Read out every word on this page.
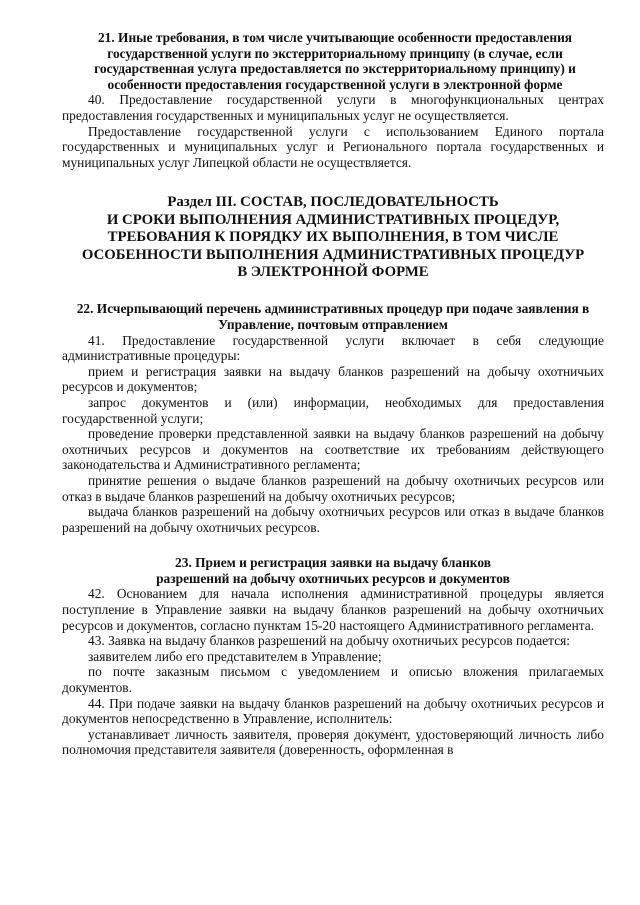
21. Иные требования, в том числе учитывающие особенности предоставления государственной услуги по экстерриториальному принципу (в случае, если государственная услуга предоставляется по экстерриториальному принципу) и особенности предоставления государственной услуги в электронной форме

40. Предоставление государственной услуги в многофункциональных центрах предоставления государственных и муниципальных услуг не осуществляется.

Предоставление государственной услуги с использованием Единого портала государственных и муниципальных услуг и Регионального портала государственных и муниципальных услуг Липецкой области не осуществляется.

Раздел III. СОСТАВ, ПОСЛЕДОВАТЕЛЬНОСТЬ
И СРОКИ ВЫПОЛНЕНИЯ АДМИНИСТРАТИВНЫХ ПРОЦЕДУР,
ТРЕБОВАНИЯ К ПОРЯДКУ ИХ ВЫПОЛНЕНИЯ, В ТОМ ЧИСЛЕ
ОСОБЕННОСТИ ВЫПОЛНЕНИЯ АДМИНИСТРАТИВНЫХ ПРОЦЕДУР
В ЭЛЕКТРОННОЙ ФОРМЕ
22. Исчерпывающий перечень административных процедур при подаче заявления в Управление, почтовым отправлением

41. Предоставление государственной услуги включает в себя следующие административные процедуры:

прием и регистрация заявки на выдачу бланков разрешений на добычу охотничьих ресурсов и документов;

запрос документов и (или) информации, необходимых для предоставления государственной услуги;

проведение проверки представленной заявки на выдачу бланков разрешений на добычу охотничьих ресурсов и документов на соответствие их требованиям действующего законодательства и Административного регламента;

принятие решения о выдаче бланков разрешений на добычу охотничьих ресурсов или отказ в выдаче бланков разрешений на добычу охотничьих ресурсов;

выдача бланков разрешений на добычу охотничьих ресурсов или отказ в выдаче бланков разрешений на добычу охотничьих ресурсов.

23. Прием и регистрация заявки на выдачу бланков
разрешений на добычу охотничьих ресурсов и документов

42. Основанием для начала исполнения административной процедуры является поступление в Управление заявки на выдачу бланков разрешений на добычу охотничьих ресурсов и документов, согласно пунктам 15-20 настоящего Административного регламента.

43. Заявка на выдачу бланков разрешений на добычу охотничьих ресурсов подается:

заявителем либо его представителем в Управление;

по почте заказным письмом с уведомлением и описью вложения прилагаемых документов.

44. При подаче заявки на выдачу бланков разрешений на добычу охотничьих ресурсов и документов непосредственно в Управление, исполнитель:

устанавливает личность заявителя, проверяя документ, удостоверяющий личность либо полномочия представителя заявителя (доверенность, оформленная в
